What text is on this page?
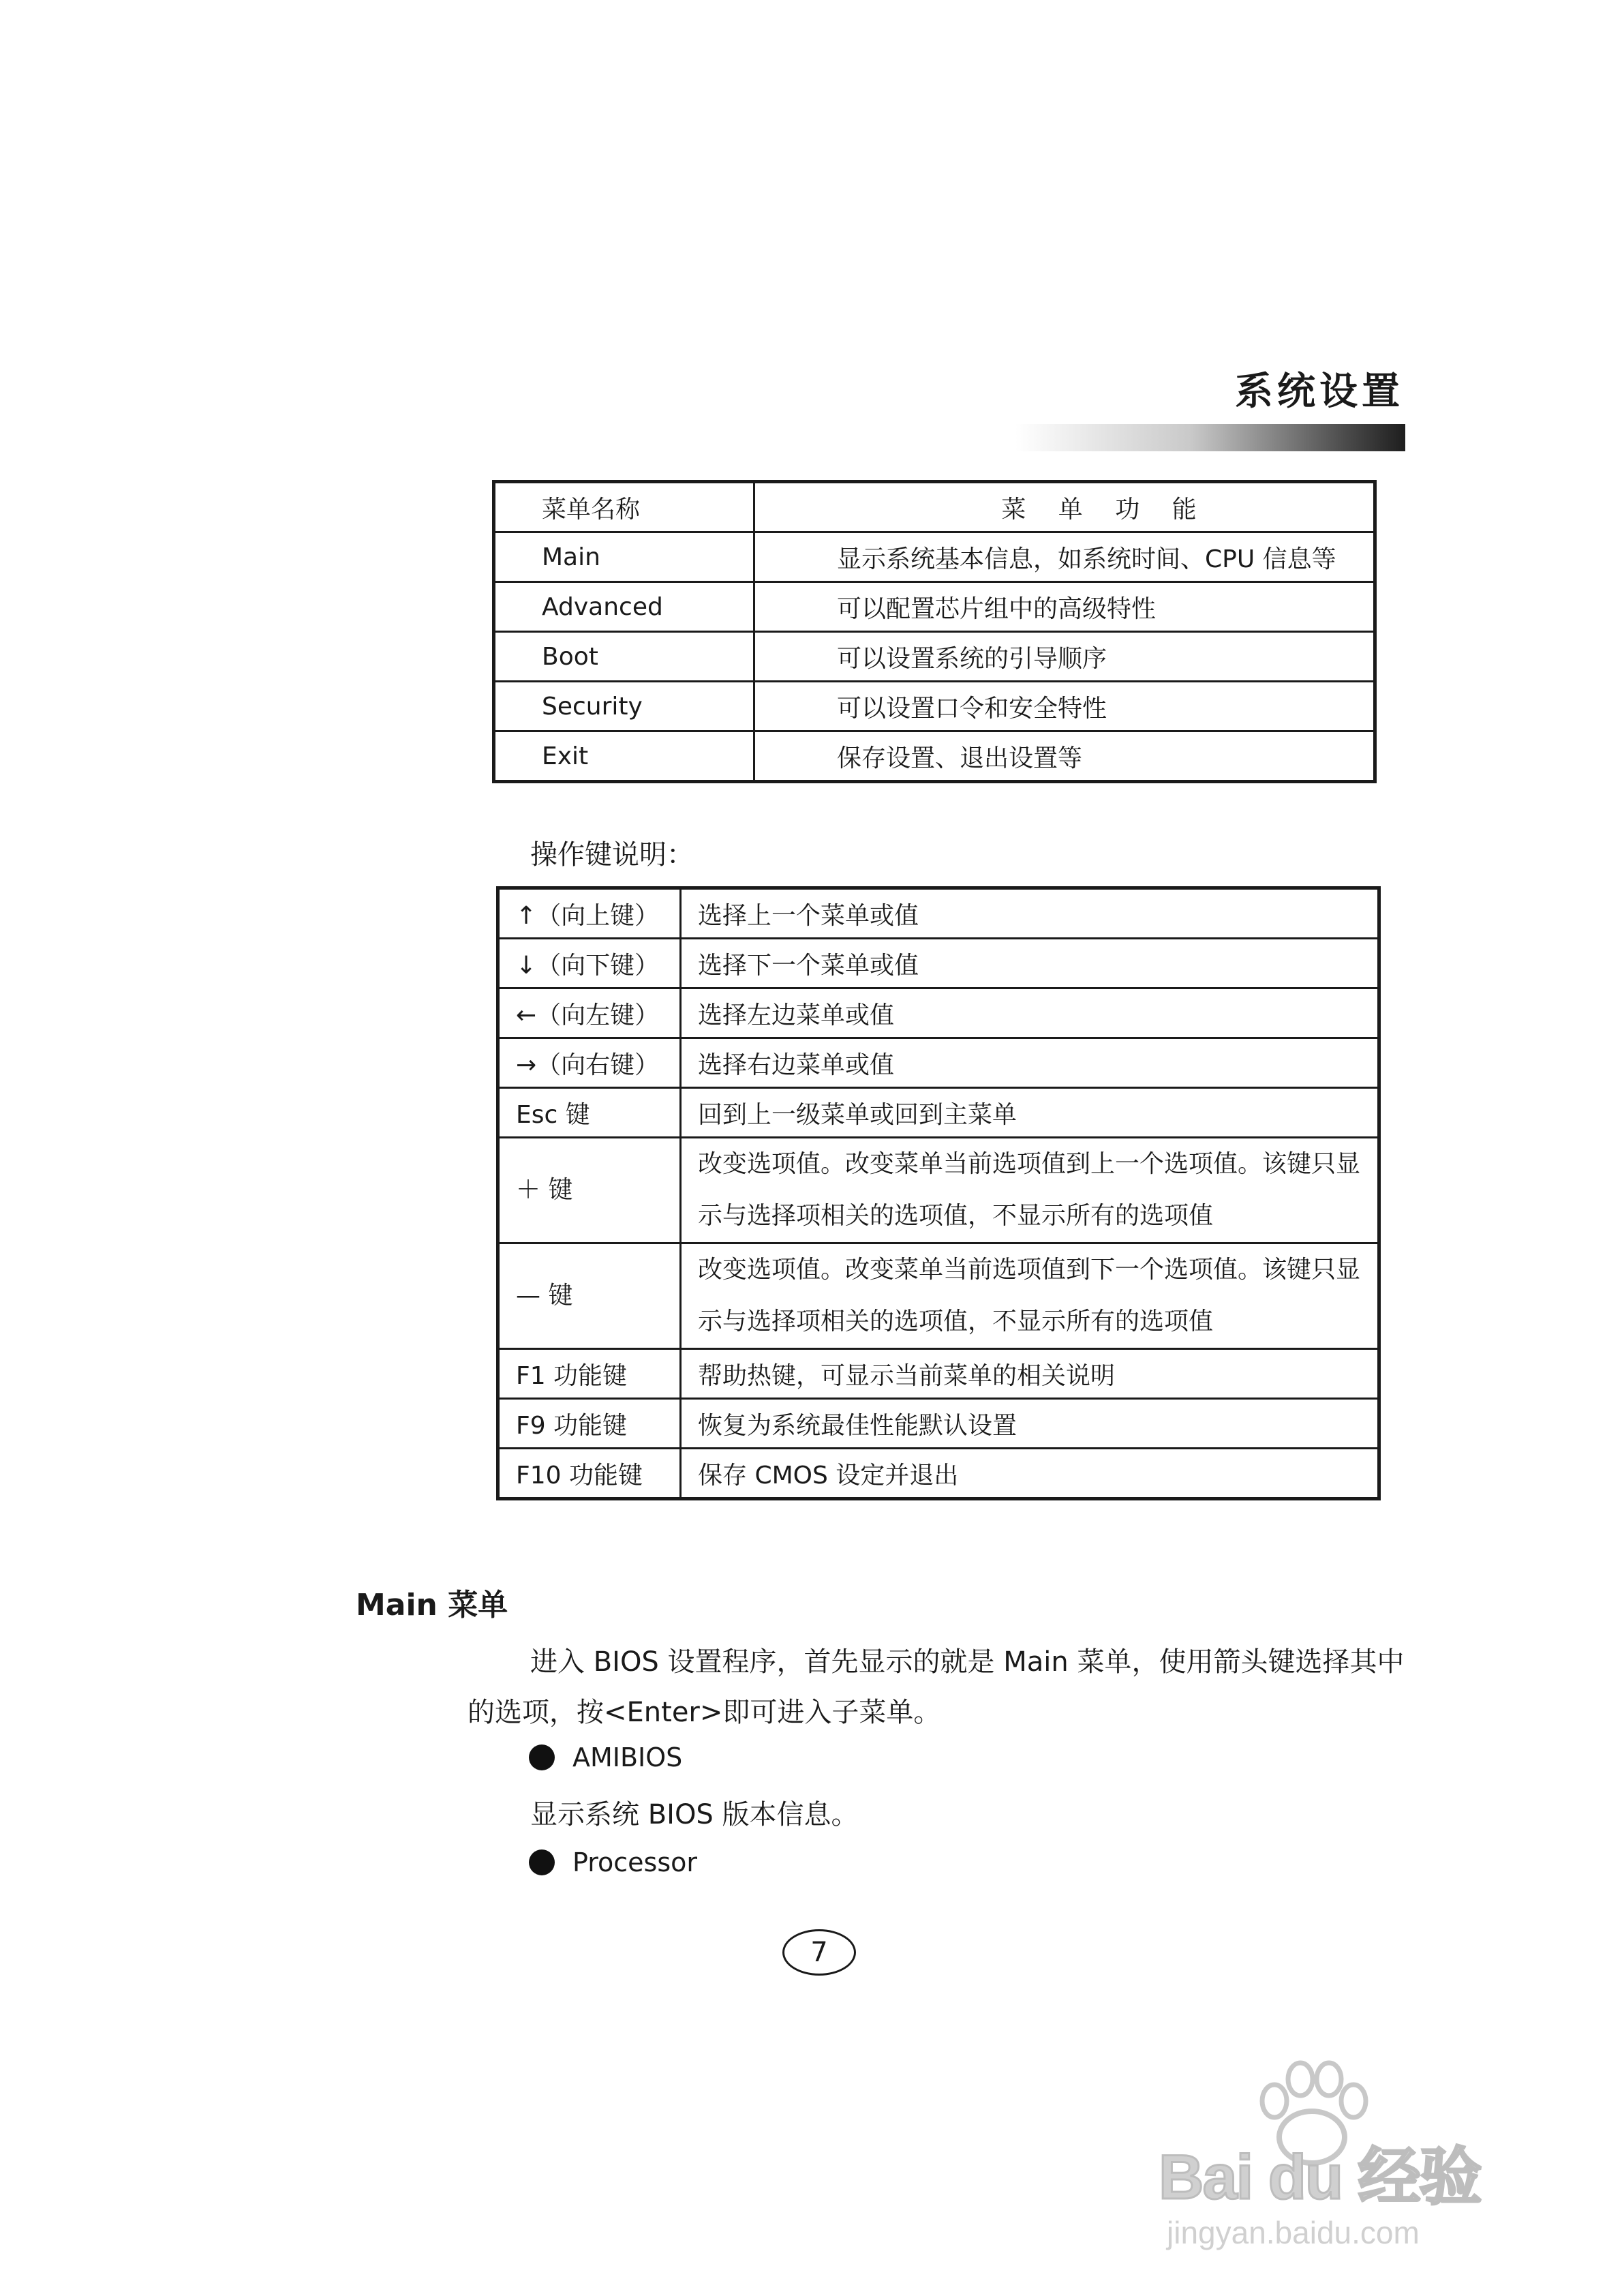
系统设置
菜单名称	菜 单 功 能
Main	显示系统基本信息，如系统时间、CPU 信息等
Advanced	可以配置芯片组中的高级特性
Boot	可以设置系统的引导顺序
Security	可以设置口令和安全特性
Exit	保存设置、退出设置等
操作键说明：
↑（向上键）	选择上一个菜单或值
↓（向下键）	选择下一个菜单或值
←（向左键）	选择左边菜单或值
→（向右键）	选择右边菜单或值
Esc 键	回到上一级菜单或回到主菜单
＋ 键	改变选项值。改变菜单当前选项值到上一个选项值。该键只显示与选择项相关的选项值，不显示所有的选项值
— 键	改变选项值。改变菜单当前选项值到下一个选项值。该键只显示与选择项相关的选项值，不显示所有的选项值
F1 功能键	帮助热键，可显示当前菜单的相关说明
F9 功能键	恢复为系统最佳性能默认设置
F10 功能键	保存 CMOS 设定并退出
Main 菜单
进入 BIOS 设置程序，首先显示的就是 Main 菜单，使用箭头键选择其中
的选项，按<Enter>即可进入子菜单。
AMIBIOS
显示系统 BIOS 版本信息。
Processor
7
Bai du 经验
jingyan.baidu.com
